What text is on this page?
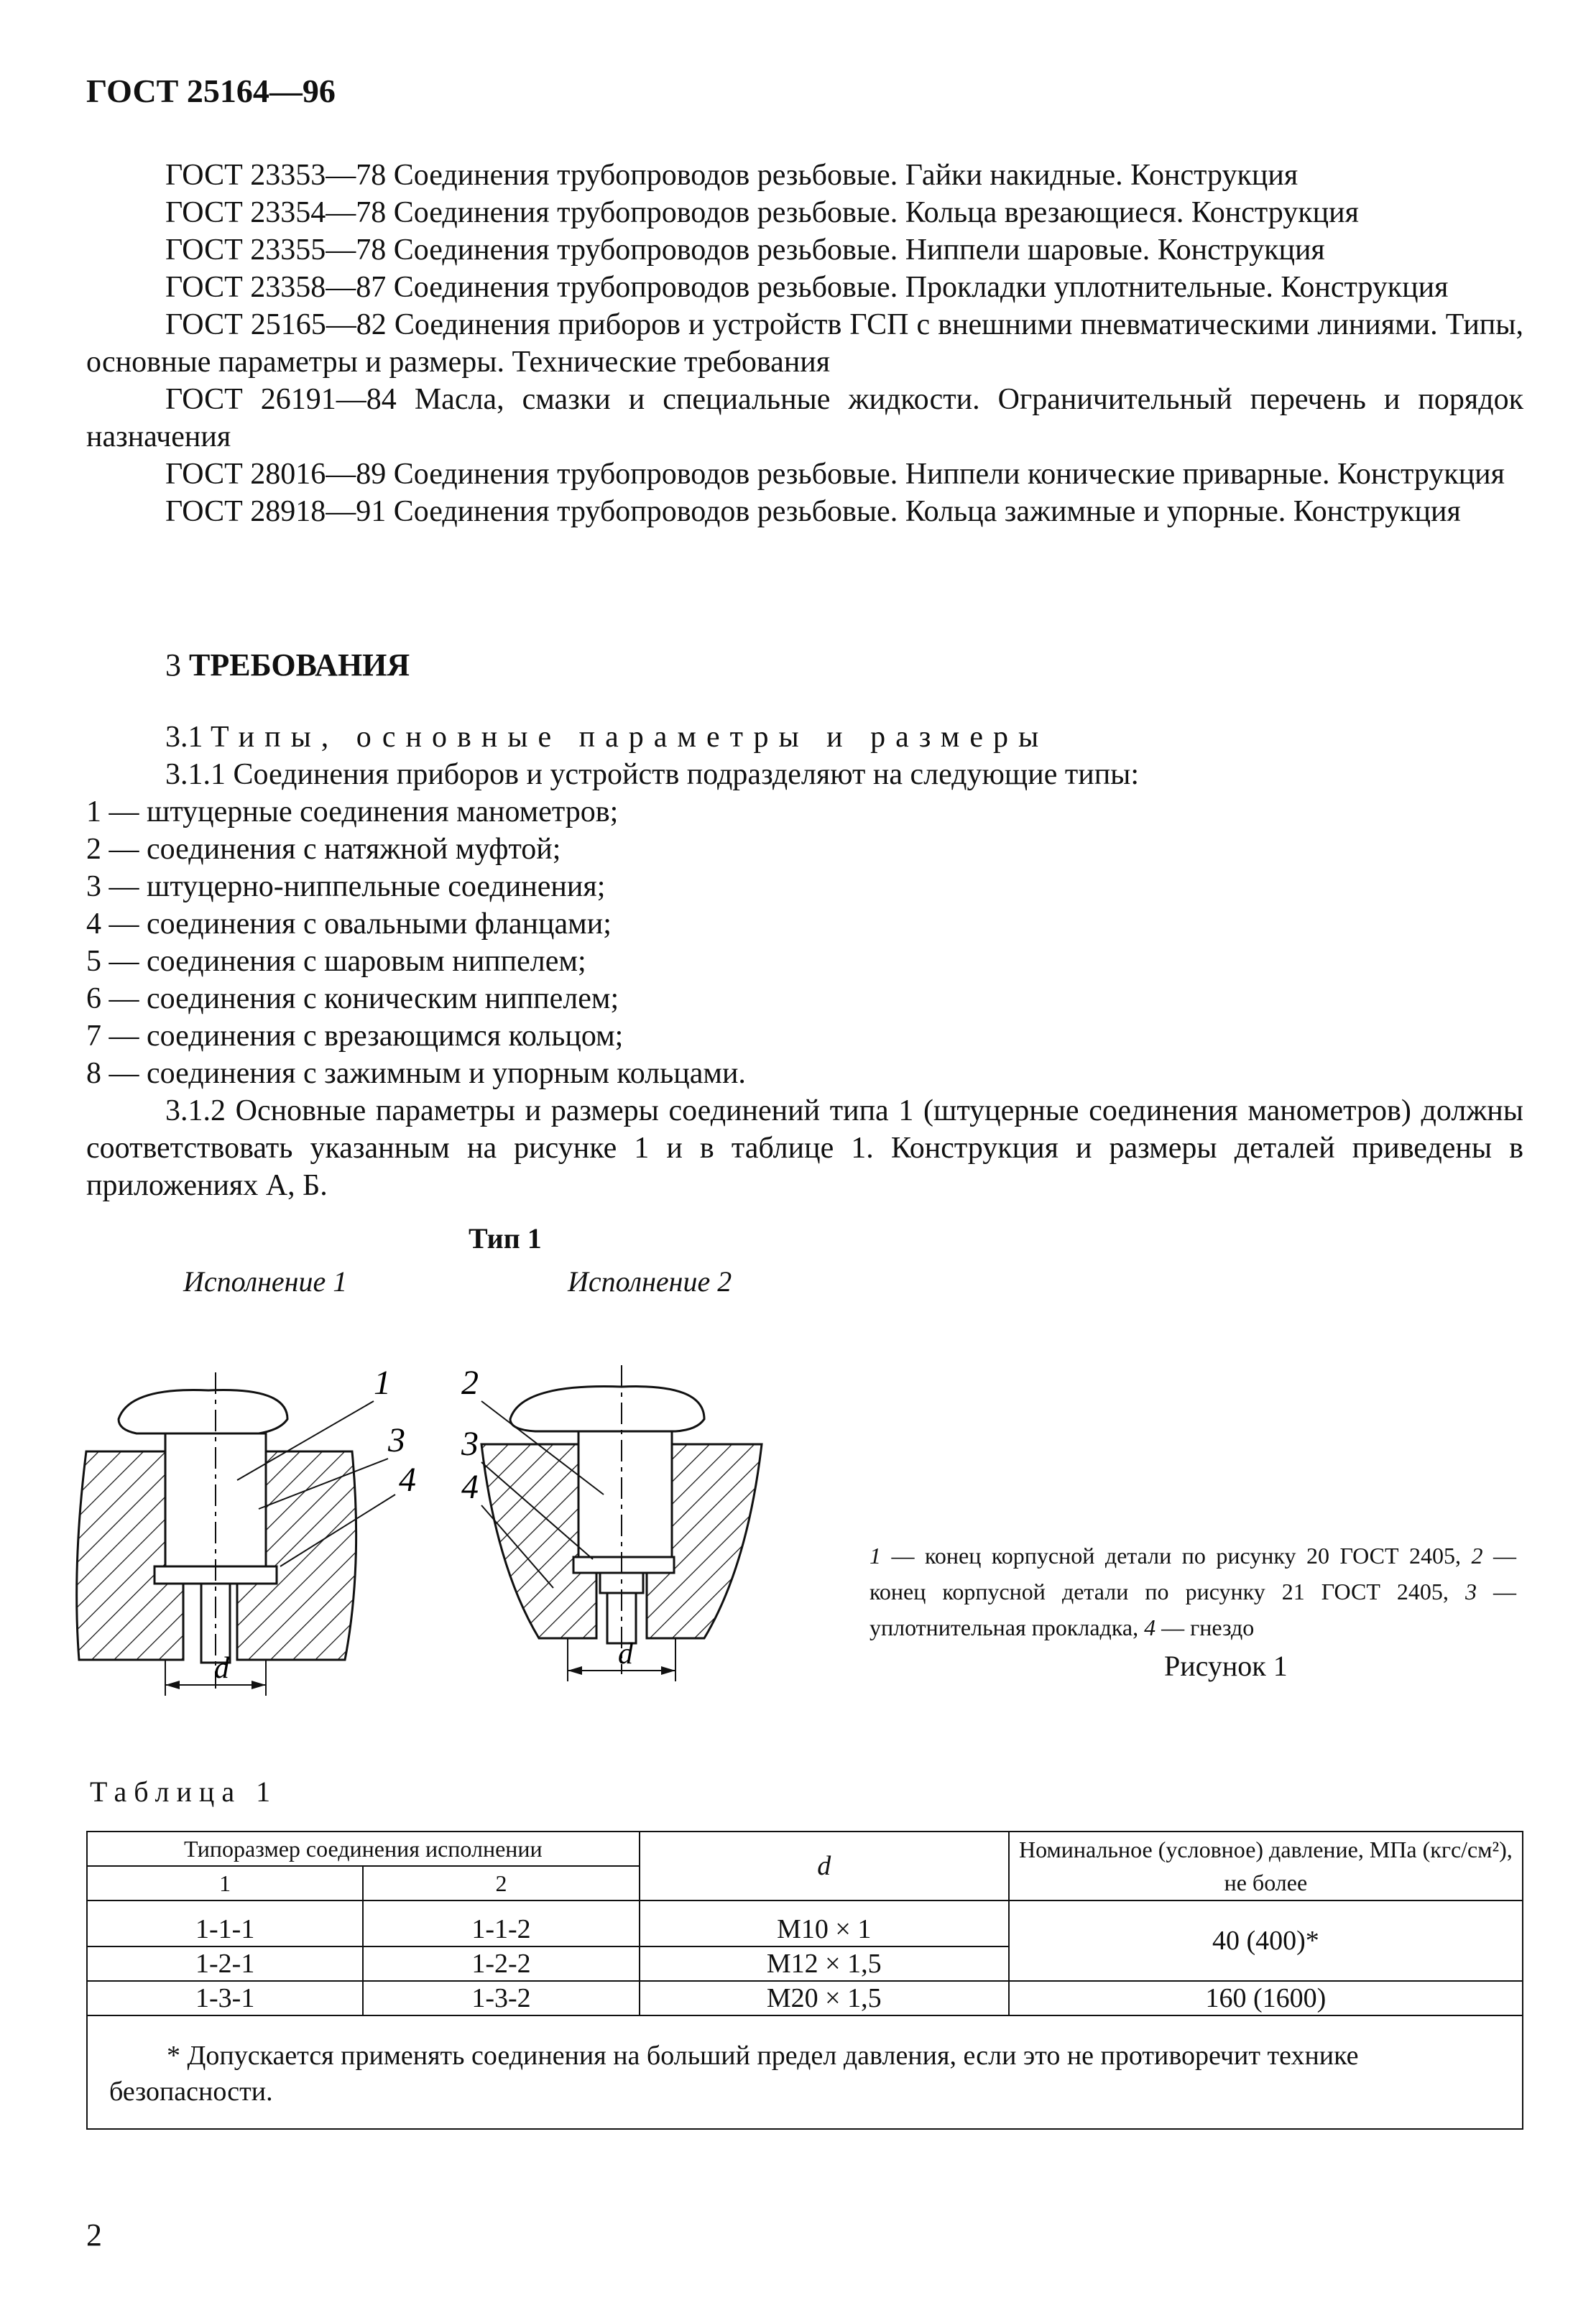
ГОСТ 25164—96

ГОСТ 23353—78 Соединения трубопроводов резьбовые. Гайки накидные. Конструкция

ГОСТ 23354—78 Соединения трубопроводов резьбовые. Кольца врезающиеся. Конструкция

ГОСТ 23355—78 Соединения трубопроводов резьбовые. Ниппели шаровые. Конструкция

ГОСТ 23358—87 Соединения трубопроводов резьбовые. Прокладки уплотнительные. Конструкция

ГОСТ 25165—82 Соединения приборов и устройств ГСП с внешними пневматическими линиями. Типы, основные параметры и размеры. Технические требования

ГОСТ 26191—84 Масла, смазки и специальные жидкости. Ограничительный перечень и порядок назначения

ГОСТ 28016—89 Соединения трубопроводов резьбовые. Ниппели конические приварные. Конструкция

ГОСТ 28918—91 Соединения трубопроводов резьбовые. Кольца зажимные и упорные. Конструкция

3 ТРЕБОВАНИЯ

3.1 Типы, основные параметры и размеры

3.1.1 Соединения приборов и устройств подразделяют на следующие типы:

1 — штуцерные соединения манометров;

2 — соединения с натяжной муфтой;

3 — штуцерно-ниппельные соединения;

4 — соединения с овальными фланцами;

5 — соединения с шаровым ниппелем;

6 — соединения с коническим ниппелем;

7 — соединения с врезающимся кольцом;

8 — соединения с зажимным и упорным кольцами.

3.1.2 Основные параметры и размеры соединений типа 1 (штуцерные соединения манометров) должны соответствовать указанным на рисунке 1 и в таблице 1. Конструкция и размеры деталей приведены в приложениях А, Б.

Тип 1
Исполнение 1	Исполнение 2
d
1
3
4
d
2
3
4
1 — конец корпусной детали по рисунку 20 ГОСТ 2405, 2 — конец корпусной детали по рисунку 21 ГОСТ 2405, 3 — уплотнительная прокладка, 4 — гнездо
Рисунок 1
Таблица 1
Типоразмер соединения исполнении		d	Номинальное (условное) давление, МПа (кгс/см²), не более
1	2		
1-1-1	1-1-2	М10 × 1	40 (400)*
1-2-1	1-2-2	М12 × 1,5	
1-3-1	1-3-2	М20 × 1,5	160 (1600)
* Допускается применять соединения на больший предел давления, если это не противоречит технике безопасности.			
2
